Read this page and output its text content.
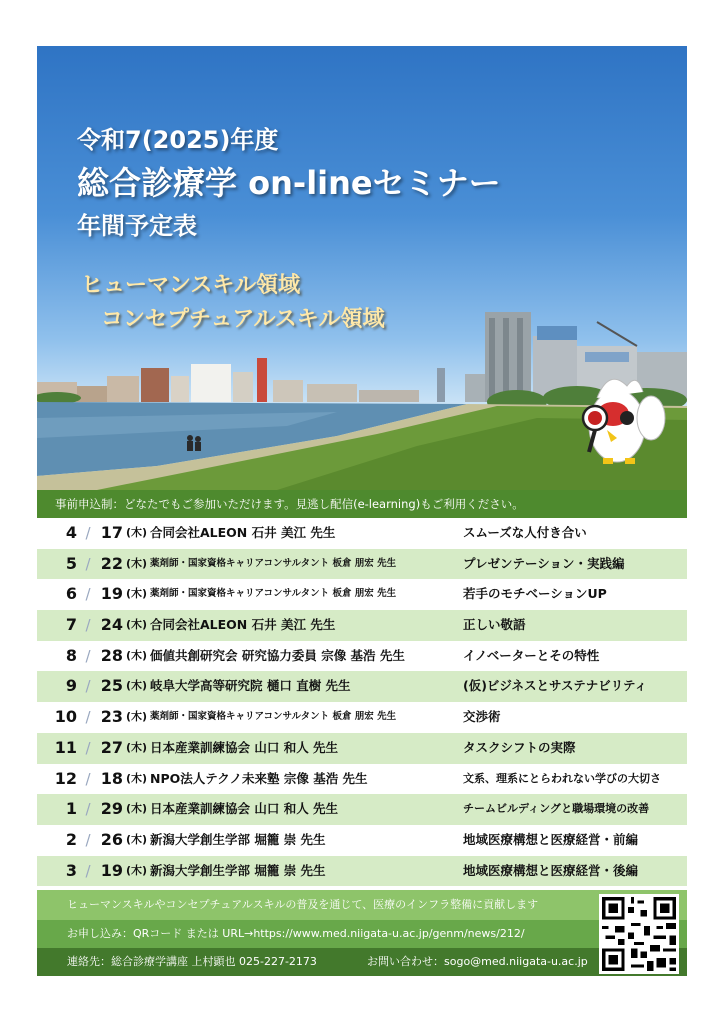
令和7(2025)年度
総合診療学 on-lineセミナー
年間予定表
ヒューマンスキル領域
コンセプチュアルスキル領域
事前申込制：どなたでもご参加いただけます。見逃し配信(e-learning)もご利用ください。
4 / 17 (木) 合同会社ALEON 石井 美江 先生	スムーズな人付き合い
5 / 22 (木) 薬剤師・国家資格キャリアコンサルタント 板倉 朋宏 先生	プレゼンテーション・実践編
6 / 19 (木) 薬剤師・国家資格キャリアコンサルタント 板倉 朋宏 先生	若手のモチベーションUP
7 / 24 (木) 合同会社ALEON 石井 美江 先生	正しい敬語
8 / 28 (木) 価値共創研究会 研究協力委員 宗像 基浩 先生	イノベーターとその特性
9 / 25 (木) 岐阜大学高等研究院 樋口 直樹 先生	(仮)ビジネスとサステナビリティ
10 / 23 (木) 薬剤師・国家資格キャリアコンサルタント 板倉 朋宏 先生	交渉術
11 / 27 (木) 日本産業訓練協会 山口 和人 先生	タスクシフトの実際
12 / 18 (木) NPO法人テクノ未来塾 宗像 基浩 先生	文系、理系にとらわれない学びの大切さ
1 / 29 (木) 日本産業訓練協会 山口 和人 先生	チームビルディングと職場環境の改善
2 / 26 (木) 新潟大学創生学部 堀籠 崇 先生	地域医療構想と医療経営・前編
3 / 19 (木) 新潟大学創生学部 堀籠 崇 先生	地域医療構想と医療経営・後編
ヒューマンスキルやコンセプチュアルスキルの普及を通じて、医療のインフラ整備に貢献します
お申し込み：QRコード または URL→https://www.med.niigata-u.ac.jp/genm/news/212/
連絡先：総合診療学講座 上村顕也 025-227-2173	お問い合わせ：sogo@med.niigata-u.ac.jp
